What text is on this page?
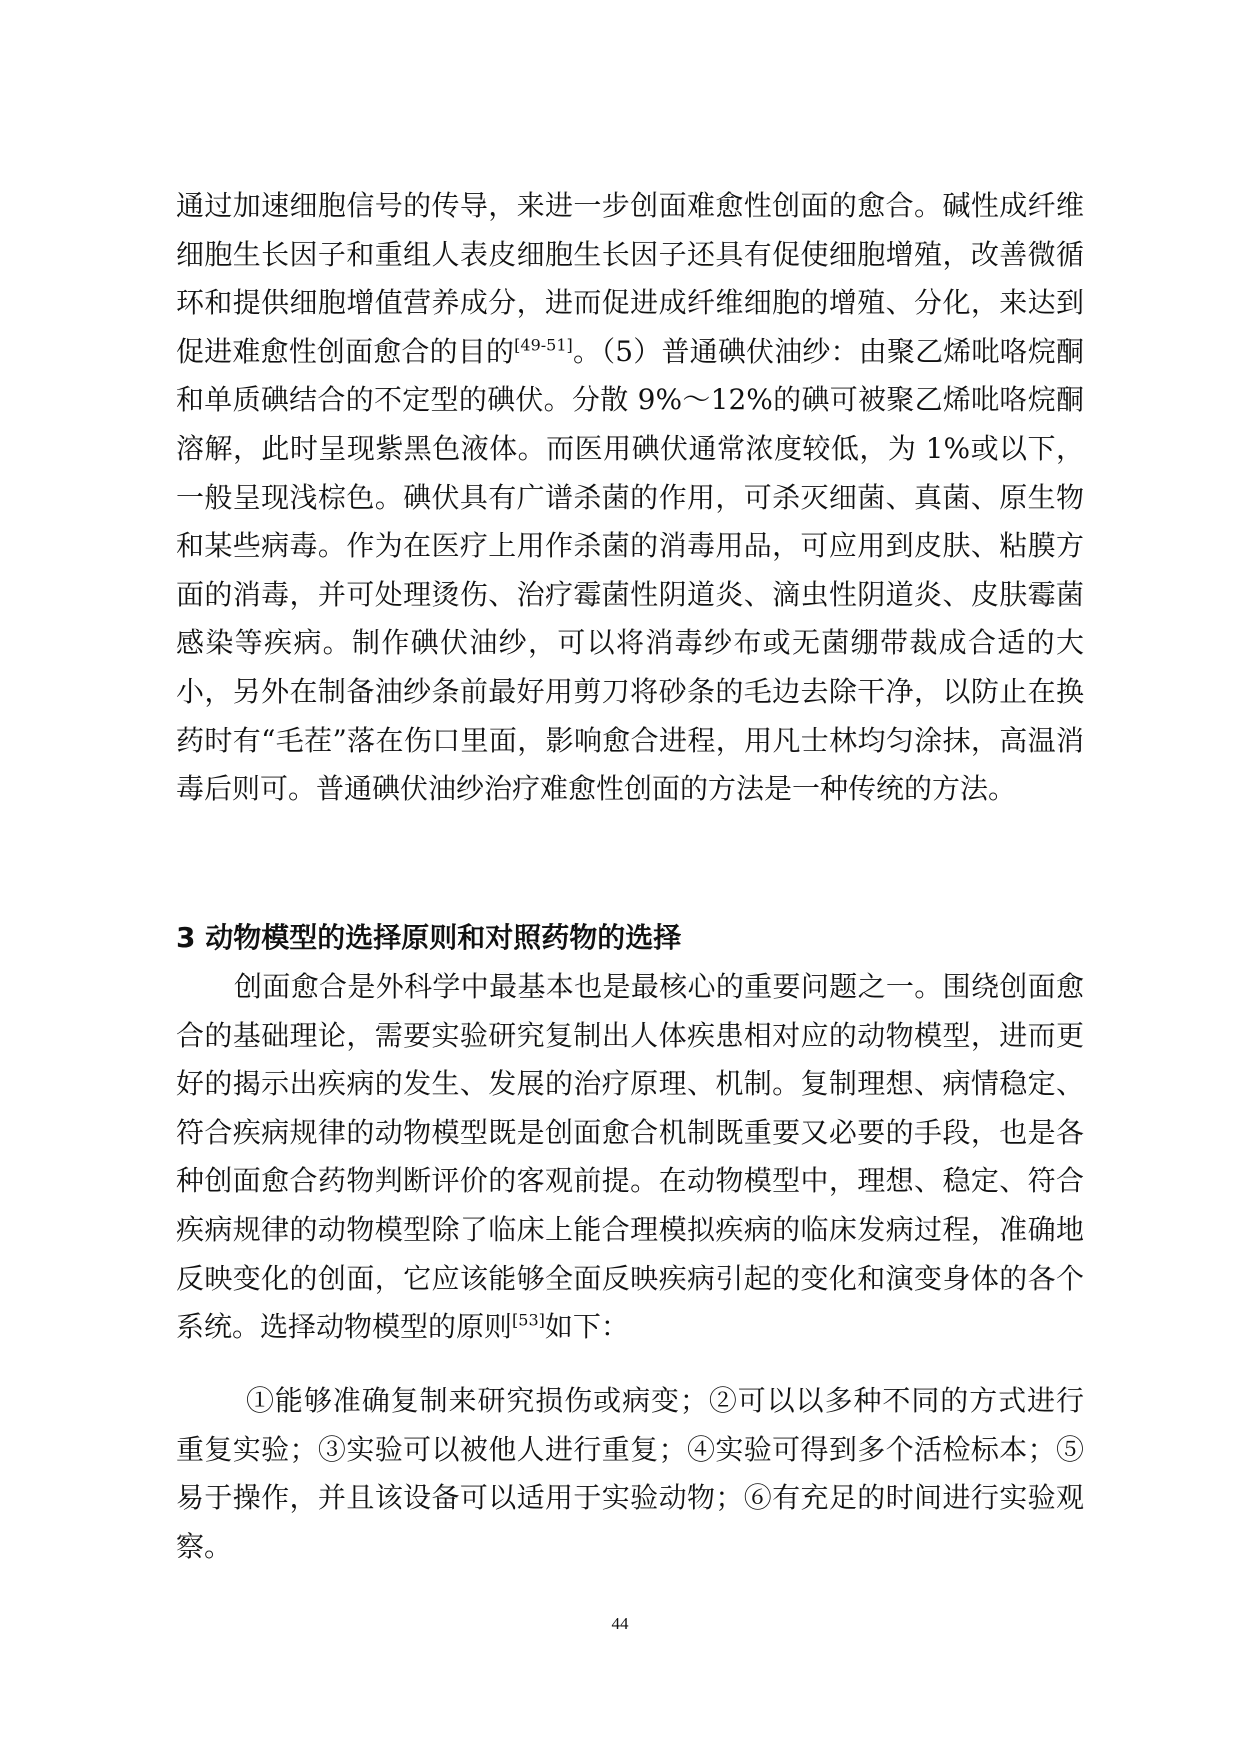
通过加速细胞信号的传导，来进一步创面难愈性创面的愈合。碱性成纤维细胞生长因子和重组人表皮细胞生长因子还具有促使细胞增殖，改善微循环和提供细胞增值营养成分，进而促进成纤维细胞的增殖、分化，来达到促进难愈性创面愈合的目的[49-51]。（5）普通碘伏油纱：由聚乙烯吡咯烷酮和单质碘结合的不定型的碘伏。分散 9%～12%的碘可被聚乙烯吡咯烷酮溶解，此时呈现紫黑色液体。而医用碘伏通常浓度较低，为 1%或以下，一般呈现浅棕色。碘伏具有广谱杀菌的作用，可杀灭细菌、真菌、原生物和某些病毒。作为在医疗上用作杀菌的消毒用品，可应用到皮肤、粘膜方面的消毒，并可处理烫伤、治疗霉菌性阴道炎、滴虫性阴道炎、皮肤霉菌感染等疾病。制作碘伏油纱，可以将消毒纱布或无菌绷带裁成合适的大小，另外在制备油纱条前最好用剪刀将砂条的毛边去除干净，以防止在换药时有“毛茬”落在伤口里面，影响愈合进程，用凡士林均匀涂抹，高温消毒后则可。普通碘伏油纱治疗难愈性创面的方法是一种传统的方法。

3 动物模型的选择原则和对照药物的选择

创面愈合是外科学中最基本也是最核心的重要问题之一。围绕创面愈合的基础理论，需要实验研究复制出人体疾患相对应的动物模型，进而更好的揭示出疾病的发生、发展的治疗原理、机制。复制理想、病情稳定、符合疾病规律的动物模型既是创面愈合机制既重要又必要的手段，也是各种创面愈合药物判断评价的客观前提。在动物模型中，理想、稳定、符合疾病规律的动物模型除了临床上能合理模拟疾病的临床发病过程，准确地反映变化的创面，它应该能够全面反映疾病引起的变化和演变身体的各个系统。选择动物模型的原则[53]如下：

①能够准确复制来研究损伤或病变；②可以以多种不同的方式进行重复实验；③实验可以被他人进行重复；④实验可得到多个活检标本；⑤易于操作，并且该设备可以适用于实验动物；⑥有充足的时间进行实验观察。

44
